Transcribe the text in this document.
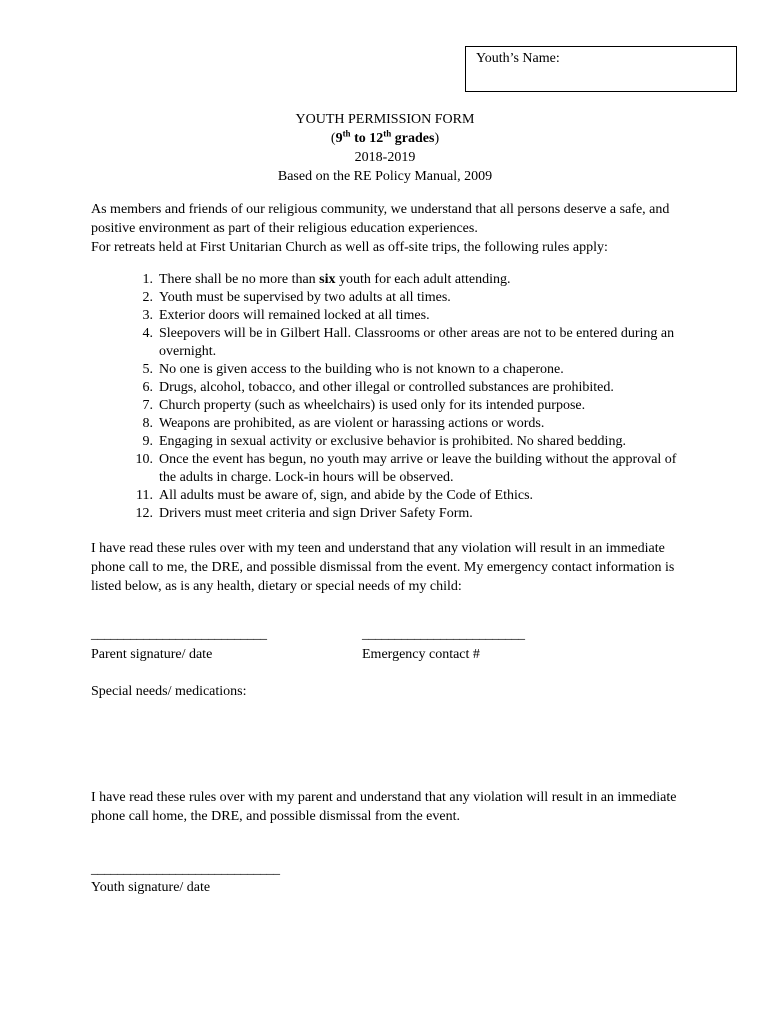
Youth’s Name:
YOUTH PERMISSION FORM
(9th to 12th grades)
2018-2019
Based on the RE Policy Manual, 2009
As members and friends of our religious community, we understand that all persons deserve a safe, and positive environment as part of their religious education experiences.
For retreats held at First Unitarian Church as well as off-site trips, the following rules apply:
1. There shall be no more than six youth for each adult attending.
2. Youth must be supervised by two adults at all times.
3. Exterior doors will remained locked at all times.
4. Sleepovers will be in Gilbert Hall. Classrooms or other areas are not to be entered during an overnight.
5. No one is given access to the building who is not known to a chaperone.
6. Drugs, alcohol, tobacco, and other illegal or controlled substances are prohibited.
7. Church property (such as wheelchairs) is used only for its intended purpose.
8. Weapons are prohibited, as are violent or harassing actions or words.
9. Engaging in sexual activity or exclusive behavior is prohibited. No shared bedding.
10. Once the event has begun, no youth may arrive or leave the building without the approval of the adults in charge. Lock-in hours will be observed.
11. All adults must be aware of, sign, and abide by the Code of Ethics.
12. Drivers must meet criteria and sign Driver Safety Form.
I have read these rules over with my teen and understand that any violation will result in an immediate phone call to me, the DRE, and possible dismissal from the event. My emergency contact information is listed below, as is any health, dietary or special needs of my child:
___________________________
Parent signature/ date
_________________________
Emergency contact #
Special needs/ medications:
I have read these rules over with my parent and understand that any violation will result in an immediate phone call home, the DRE, and possible dismissal from the event.
_____________________________
Youth signature/ date
